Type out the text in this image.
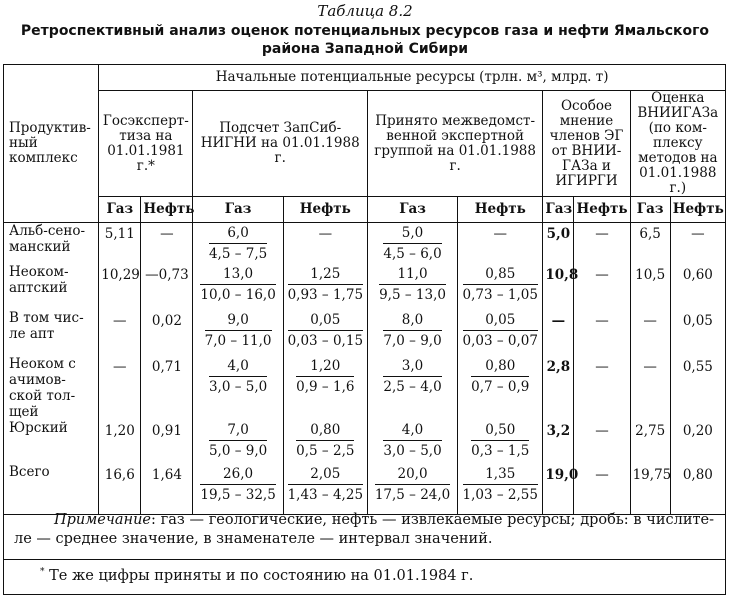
Таблица 8.2
Ретроспективный анализ оценок потенциальных ресурсов газа и нефти Ямальского района Западной Сибири
Продуктив-ный комплекс	Начальные потенциальные ресурсы (трлн. м³, млрд. т)									
	Госэксперт-тиза на 01.01.1981 г.*		Подсчет ЗапСиб-НИГНИ на 01.01.1988 г.		Принято межведомст-венной экспертной группой на 01.01.1988 г.		Особое мнение членов ЭГ от ВНИИ-ГАЗа и ИГИРГИ		Оценка ВНИИГАЗа (по ком-плексу методов на 01.01.1988 г.)	
	Газ	Нефть	Газ	Нефть	Газ	Нефть	Газ	Нефть	Газ	Нефть
Альб-сено-манский	5,11	—	$\frac{6,0}{4,5 - 7,5}$	—	$\frac{5,0}{4,5 - 6,0}$	—	5,0	—	6,5	—

Неоком-аптский	10,29	—0,73	$\frac{13,0}{10,0 - 16,0}$	$\frac{1,25}{0,93 - 1,75}$	$\frac{11,0}{9,5 - 13,0}$	$\frac{0,85}{0,73 - 1,05}$	10,8	—	10,5	0,60

В том чис-ле апт	—	0,02	$\frac{9,0}{7,0 - 11,0}$	$\frac{0,05}{0,03 - 0,15}$	$\frac{8,0}{7,0 - 9,0}$	$\frac{0,05}{0,03 - 0,07}$	—	—	—	0,05

Неоком с ачимов-ской тол-щей	—	0,71	$\frac{4,0}{3,0 - 5,0}$	$\frac{1,20}{0,9 - 1,6}$	$\frac{3,0}{2,5 - 4,0}$	$\frac{0,80}{0,7 - 0,9}$	2,8	—	—	0,55

Юрский	1,20	0,91	$\frac{7,0}{5,0 - 9,0}$	$\frac{0,80}{0,5 - 2,5}$	$\frac{4,0}{3,0 - 5,0}$	$\frac{0,50}{0,3 - 1,5}$	3,2	—	2,75	0,20

Всего	16,6	1,64	$\frac{26,0}{19,5 - 32,5}$	$\frac{2,05}{1,43 - 4,25}$	$\frac{20,0}{17,5 - 24,0}$	$\frac{1,35}{1,03 - 2,55}$	19,0	—	19,75	0,80
Примечание: газ — геологические, нефть — извлекаемые ресурсы; дробь: в числите-ле — среднее значение, в знаменателе — интервал значений.
* Те же цифры приняты и по состоянию на 01.01.1984 г.
